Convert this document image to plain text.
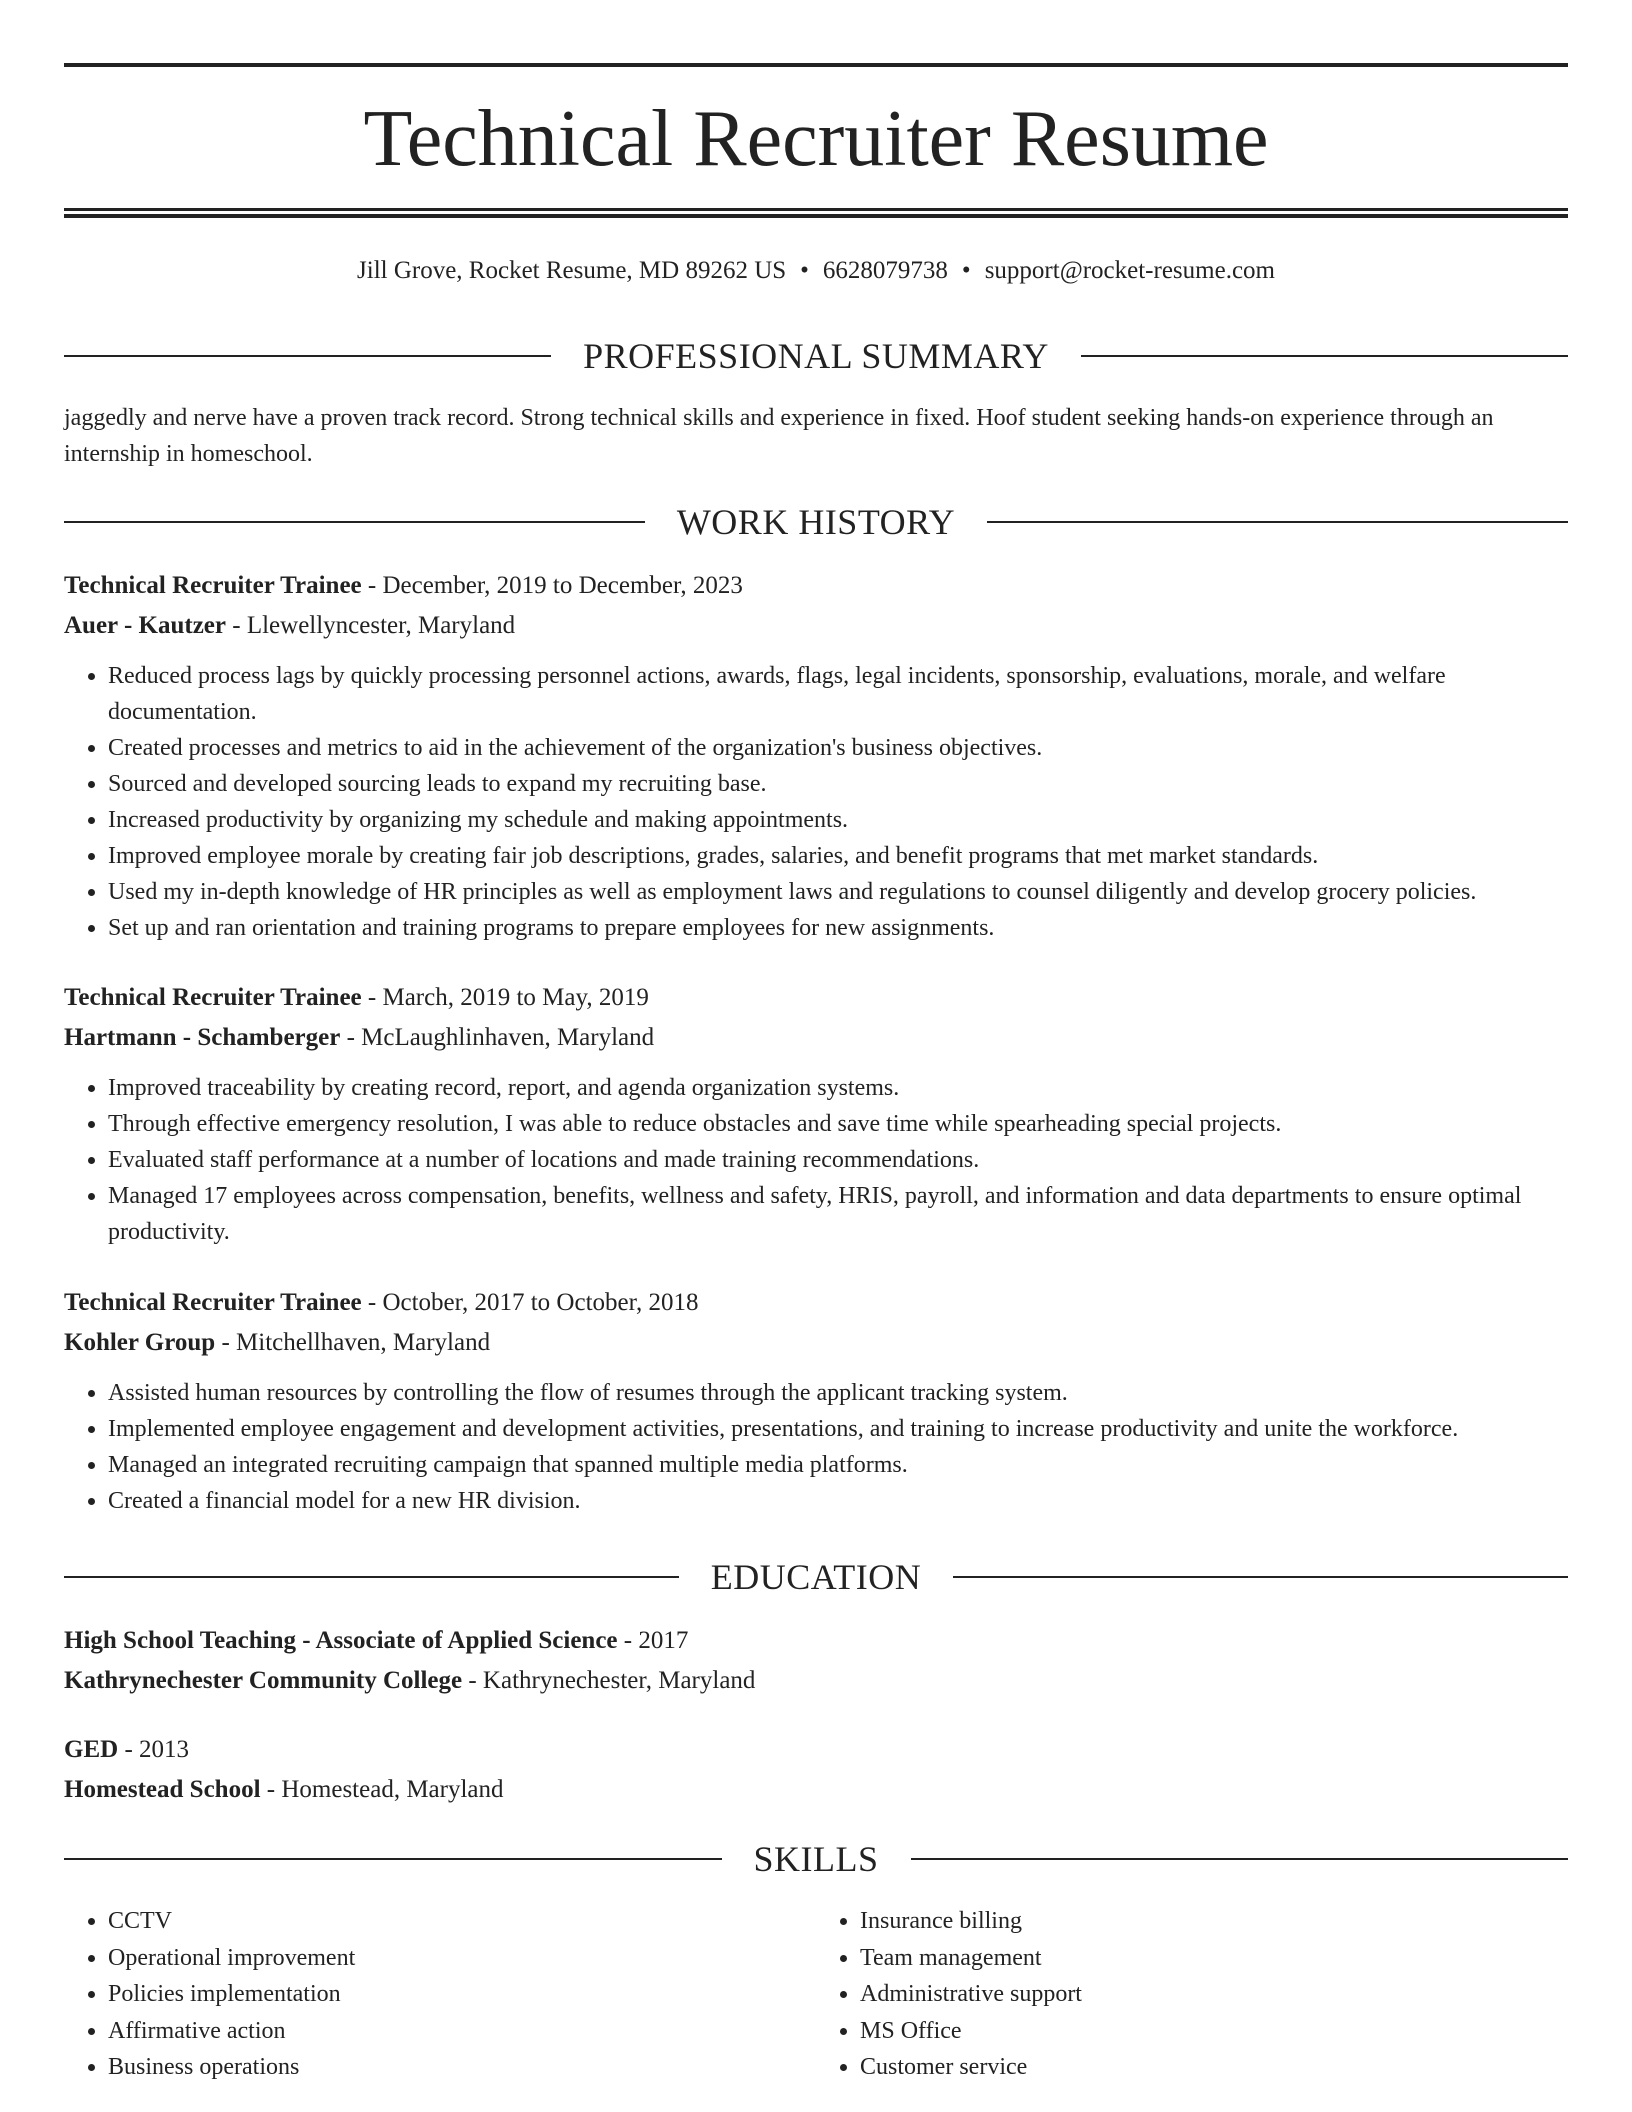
Technical Recruiter Resume
Jill Grove, Rocket Resume, MD 89262 US • 6628079738 • support@rocket-resume.com
PROFESSIONAL SUMMARY

jaggedly and nerve have a proven track record. Strong technical skills and experience in fixed. Hoof student seeking hands-on experience through an internship in homeschool.

WORK HISTORY

Technical Recruiter Trainee - December, 2019 to December, 2023

Auer - Kautzer - Llewellyncester, Maryland

• Reduced process lags by quickly processing personnel actions, awards, flags, legal incidents, sponsorship, evaluations, morale, and welfare documentation.
• Created processes and metrics to aid in the achievement of the organization's business objectives.
• Sourced and developed sourcing leads to expand my recruiting base.
• Increased productivity by organizing my schedule and making appointments.
• Improved employee morale by creating fair job descriptions, grades, salaries, and benefit programs that met market standards.
• Used my in-depth knowledge of HR principles as well as employment laws and regulations to counsel diligently and develop grocery policies.
• Set up and ran orientation and training programs to prepare employees for new assignments.

Technical Recruiter Trainee - March, 2019 to May, 2019

Hartmann - Schamberger - McLaughlinhaven, Maryland

• Improved traceability by creating record, report, and agenda organization systems.
• Through effective emergency resolution, I was able to reduce obstacles and save time while spearheading special projects.
• Evaluated staff performance at a number of locations and made training recommendations.
• Managed 17 employees across compensation, benefits, wellness and safety, HRIS, payroll, and information and data departments to ensure optimal productivity.

Technical Recruiter Trainee - October, 2017 to October, 2018

Kohler Group - Mitchellhaven, Maryland

• Assisted human resources by controlling the flow of resumes through the applicant tracking system.
• Implemented employee engagement and development activities, presentations, and training to increase productivity and unite the workforce.
• Managed an integrated recruiting campaign that spanned multiple media platforms.
• Created a financial model for a new HR division.
EDUCATION

High School Teaching - Associate of Applied Science - 2017

Kathrynechester Community College - Kathrynechester, Maryland

GED - 2013

Homestead School - Homestead, Maryland

SKILLS
• CCTV
• Operational improvement
• Policies implementation
• Affirmative action
• Business operations
• Insurance billing
• Team management
• Administrative support
• MS Office
• Customer service
